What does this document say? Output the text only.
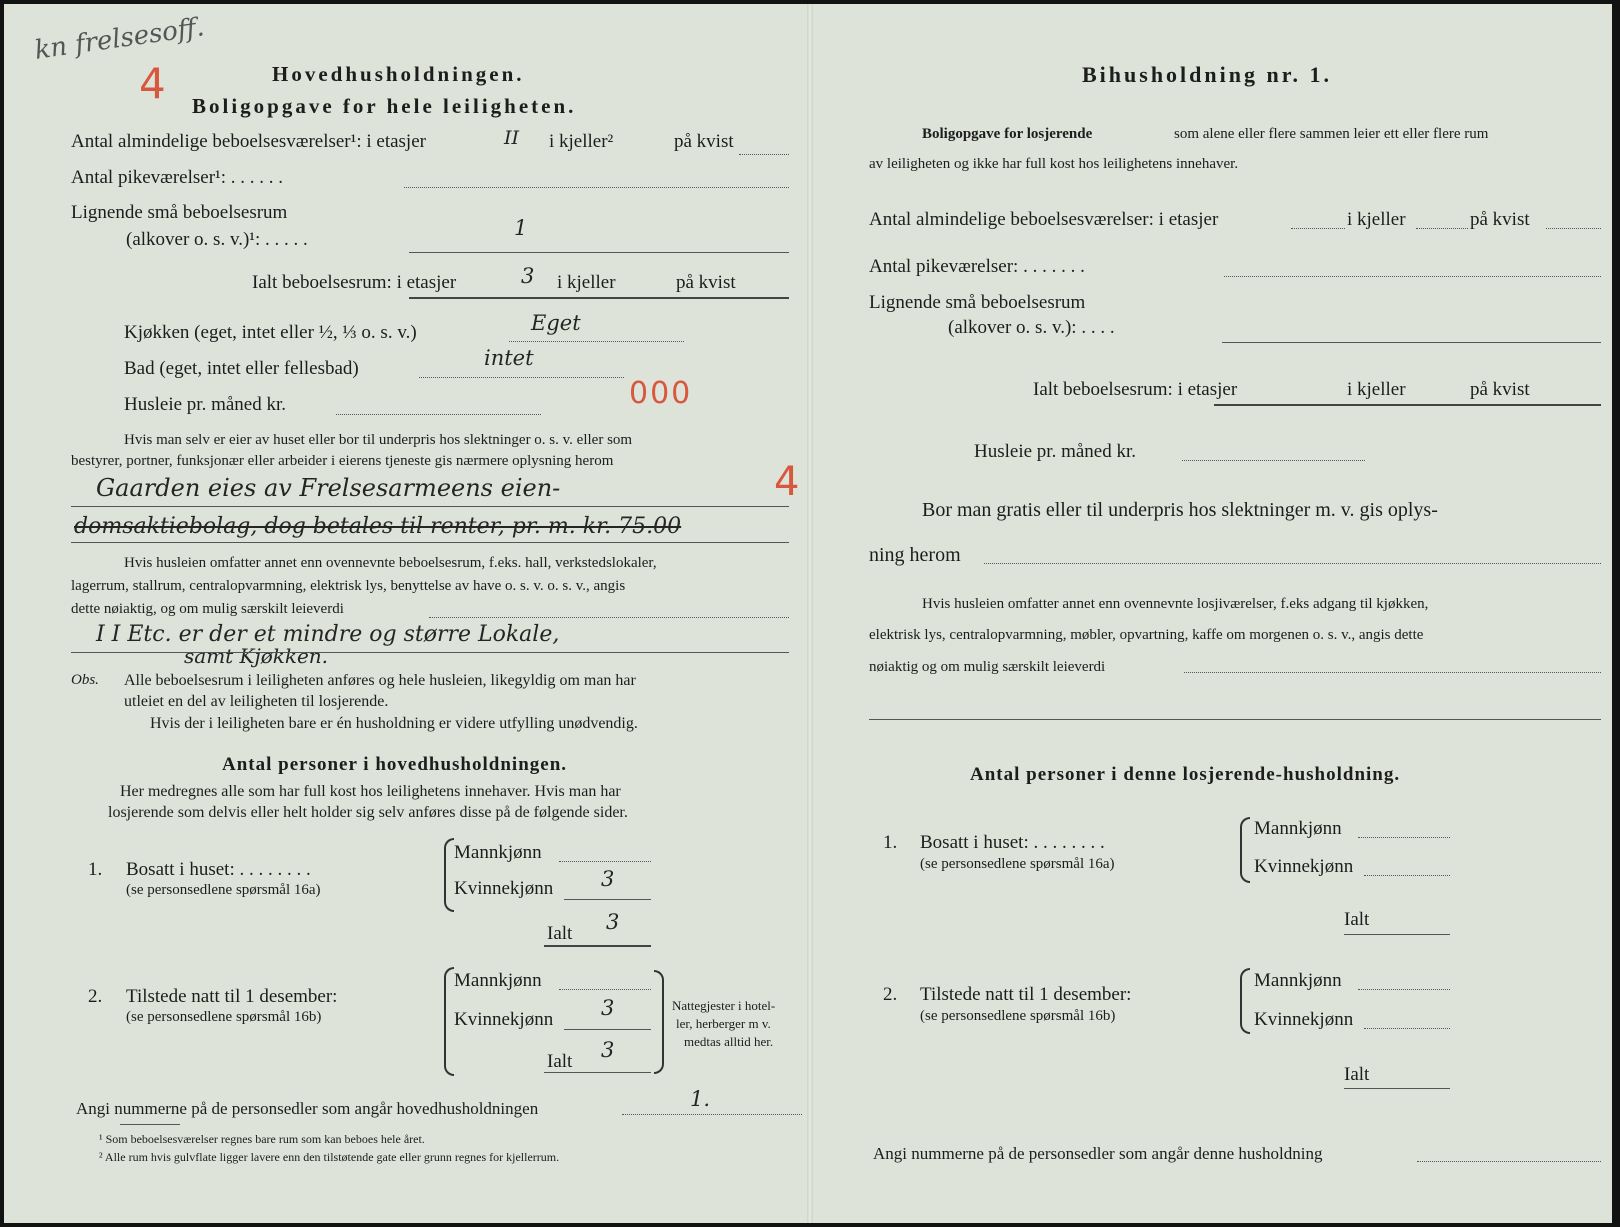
kn frelsesoff.
4	Hovedhusholdningen.
Boligopgave for hele leiligheten.
Antal almindelige beboelsesværelser¹: i etasjer	II i kjeller²	på kvist
Antal pikeværelser¹: . . . . . .
Lignende små beboelsesrum
(alkover o. s. v.)¹: . . . . .	1
Ialt beboelsesrum: i etasjer	3 i kjeller	på kvist
Kjøkken (eget, intet eller ½, ⅓ o. s. v.)	Eget
Bad (eget, intet eller fellesbad)	intet
Husleie pr. måned kr.	000
Hvis man selv er eier av huset eller bor til underpris hos slektninger o. s. v. eller som
bestyrer, portner, funksjonær eller arbeider i eierens tjeneste gis nærmere oplysning herom
Gaarden eies av Frelsesarmeens eien-	4
domsaktiebolag, dog betales til renter, pr. m. kr. 75.00
Hvis husleien omfatter annet enn ovennevnte beboelsesrum, f.eks. hall, verkstedslokaler,
lagerrum, stallrum, centralopvarmning, elektrisk lys, benyttelse av have o. s. v. o. s. v., angis
dette nøiaktig, og om mulig særskilt leieverdi
I I Etc. er der et mindre og større Lokale,
samt Kjøkken.
Obs. Alle beboelsesrum i leiligheten anføres og hele husleien, likegyldig om man har
utleiet en del av leiligheten til losjerende.
Hvis der i leiligheten bare er én husholdning er videre utfylling unødvendig.
Antal personer i hovedhusholdningen.
Her medregnes alle som har full kost hos leilighetens innehaver. Hvis man har
losjerende som delvis eller helt holder sig selv anføres disse på de følgende sider.
1. Bosatt i huset: . . . . . . . .
(se personsedlene spørsmål 16a)
Mannkjønn
Kvinnekjønn 3
Ialt 3
2. Tilstede natt til 1 desember:
(se personsedlene spørsmål 16b)
Mannkjønn
Kvinnekjønn 3
Ialt 3
Nattegjester i hotel-
ler, herberger m v.
medtas alltid her.
Angi nummerne på de personsedler som angår hovedhusholdningen	1.
¹ Som beboelsesværelser regnes bare rum som kan beboes hele året.
² Alle rum hvis gulvflate ligger lavere enn den tilstøtende gate eller grunn regnes for kjellerrum.
Bihusholdning nr. 1.
Boligopgave for losjerende	som alene eller flere sammen leier ett eller flere rum
av leiligheten og ikke har full kost hos leilighetens innehaver.
Antal almindelige beboelsesværelser: i etasjer	i kjeller	på kvist
Antal pikeværelser: . . . . . . .
Lignende små beboelsesrum
(alkover o. s. v.): . . . .
Ialt beboelsesrum: i etasjer	i kjeller	på kvist
Husleie pr. måned kr.
Bor man gratis eller til underpris hos slektninger m. v. gis oplys-
ning herom
Hvis husleien omfatter annet enn ovennevnte losjiværelser, f.eks adgang til kjøkken,
elektrisk lys, centralopvarmning, møbler, opvartning, kaffe om morgenen o. s. v., angis dette
nøiaktig og om mulig særskilt leieverdi
Antal personer i denne losjerende-husholdning.
1. Bosatt i huset: . . . . . . . .
(se personsedlene spørsmål 16a)
Mannkjønn
Kvinnekjønn
Ialt
2. Tilstede natt til 1 desember:
(se personsedlene spørsmål 16b)
Mannkjønn
Kvinnekjønn
Ialt
Angi nummerne på de personsedler som angår denne husholdning
